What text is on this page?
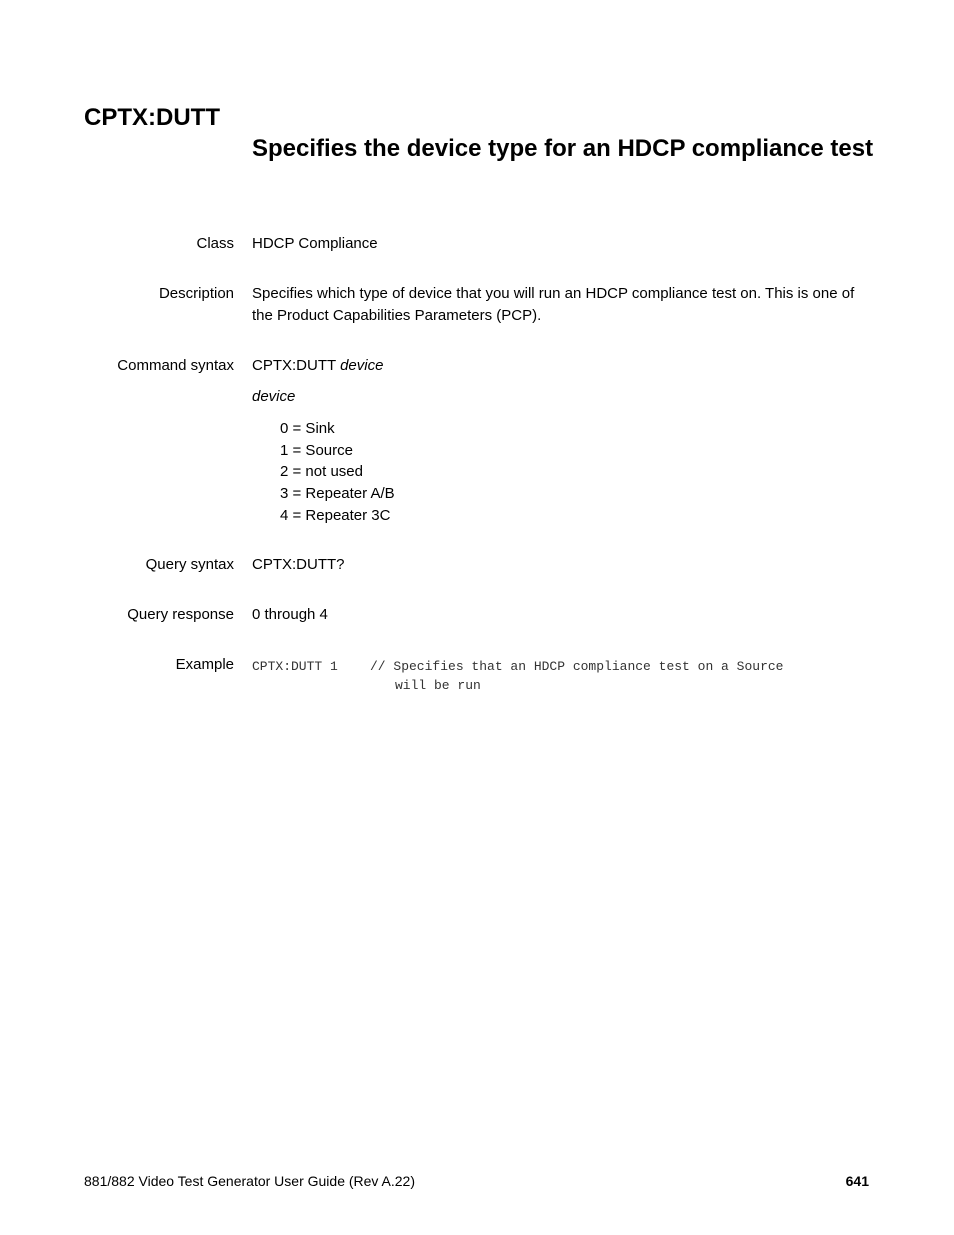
CPTX:DUTT
Specifies the device type for an HDCP compliance test
Class HDCP Compliance
Description Specifies which type of device that you will run an HDCP compliance test on. This is one of the Product Capabilities Parameters (PCP).
Command syntax CPTX:DUTT device
device
0 = Sink
1 = Source
2 = not used
3 = Repeater A/B
4 = Repeater 3C
Query syntax CPTX:DUTT?
Query response 0 through 4
Example CPTX:DUTT 1 // Specifies that an HDCP compliance test on a Source
will be run
881/882 Video Test Generator User Guide (Rev A.22)	641
